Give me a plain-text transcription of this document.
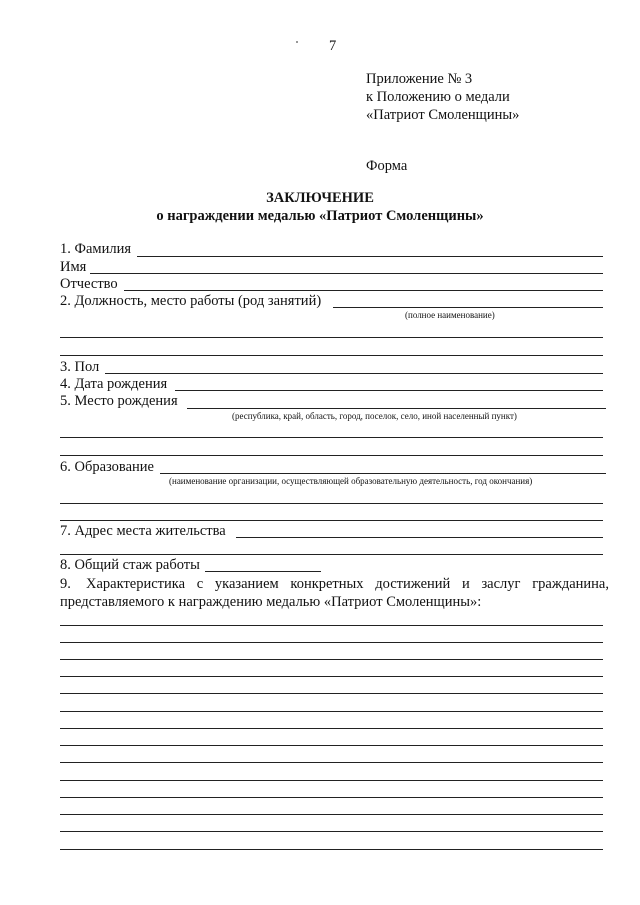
7
Приложение № 3
к Положению о медали
«Патриот Смоленщины»
Форма
ЗАКЛЮЧЕНИЕ
о награждении медалью «Патриот Смоленщины»
1. Фамилия
Имя
Отчество
2. Должность, место работы (род занятий)
(полное наименование)
3. Пол
4. Дата рождения
5. Место рождения
(республика, край, область, город, поселок, село, иной населенный пункт)
6. Образование
(наименование организации, осуществляющей образовательную деятельность, год окончания)
7. Адрес места жительства
8. Общий стаж работы
9. Характеристика с указанием конкретных достижений и заслуг гражданина,
представляемого к награждению медалью «Патриот Смоленщины»:
